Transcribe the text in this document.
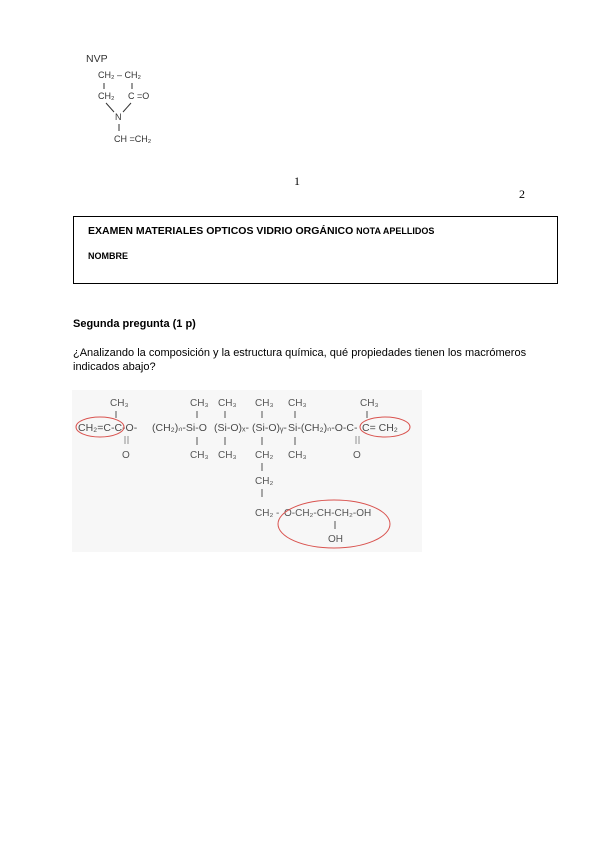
NVP
CH₂ – CH₂
CH₂ C =O
N
CH =CH₂
1
2
EXAMEN MATERIALES OPTICOS VIDRIO ORGÁNICO NOTA APELLIDOS
NOMBRE
Segunda pregunta (1 p)
¿Analizando la composición y la estructura química, qué propiedades tienen los macrómeros indicados abajo?
CH₃	CH₃ CH₃ CH₃ CH₃	CH₃
CH₂=C-C-O- (CH₂)ₙ-Si-O (Si-O)ₓ- (Si-O)ᵧ- Si-(CH₂)ₙ-O-C- C= CH₂
O	O
CH₃ CH₃ CH₂ CH₃
CH₂
CH₂ - O-CH₂-CH-CH₂-OH
OH
